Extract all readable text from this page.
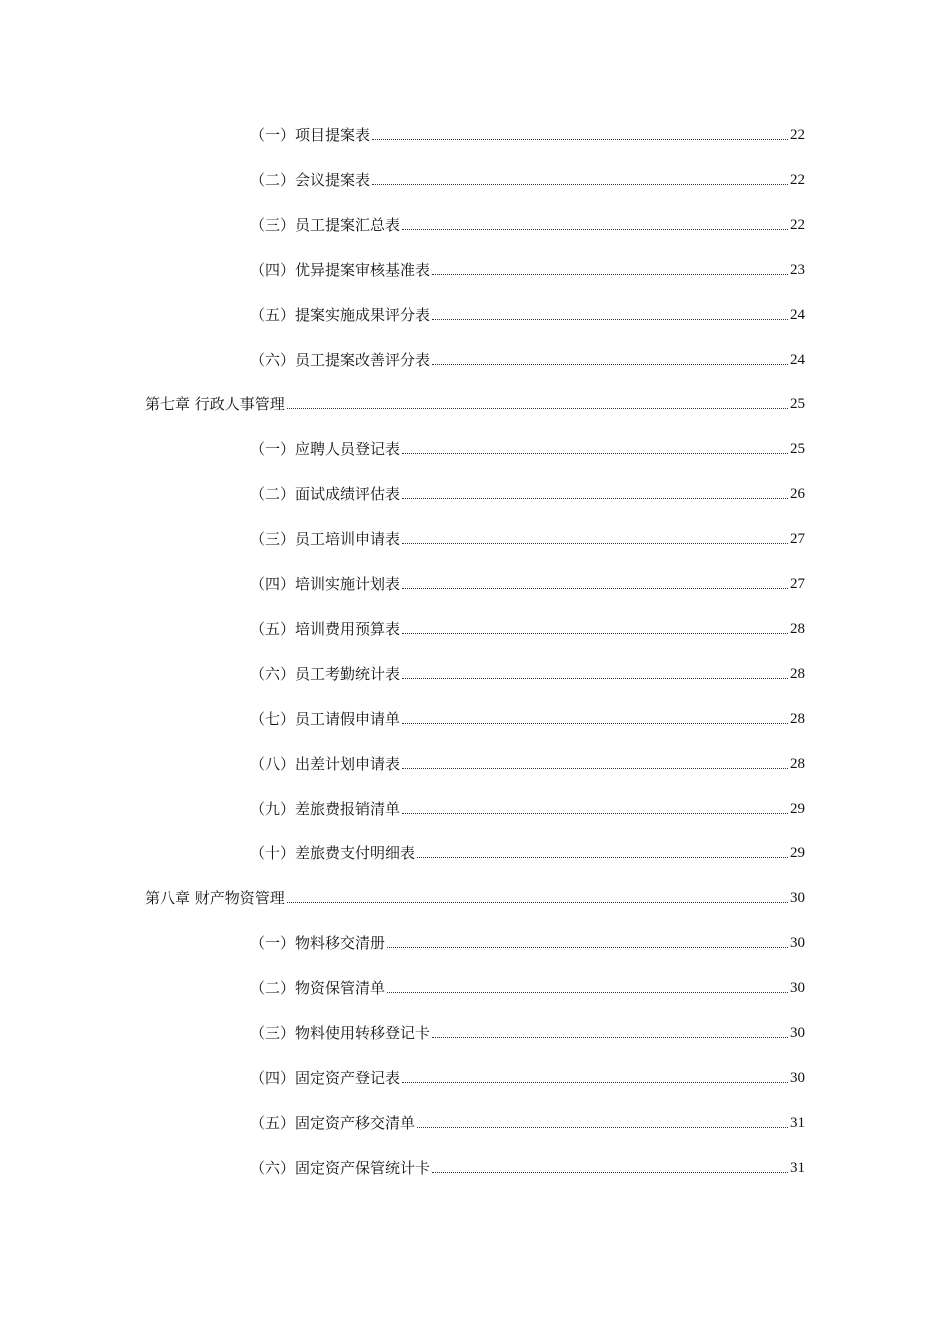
（一）项目提案表	22
（二）会议提案表	22
（三）员工提案汇总表	22
（四）优异提案审核基准表	23
（五）提案实施成果评分表	24
（六）员工提案改善评分表	24
第七章 行政人事管理	25
（一）应聘人员登记表	25
（二）面试成绩评估表	26
（三）员工培训申请表	27
（四）培训实施计划表	27
（五）培训费用预算表	28
（六）员工考勤统计表	28
（七）员工请假申请单	28
（八）出差计划申请表	28
（九）差旅费报销清单	29
（十）差旅费支付明细表	29
第八章 财产物资管理	30
（一）物料移交清册	30
（二）物资保管清单	30
（三）物料使用转移登记卡	30
（四）固定资产登记表	30
（五）固定资产移交清单	31
（六）固定资产保管统计卡	31
